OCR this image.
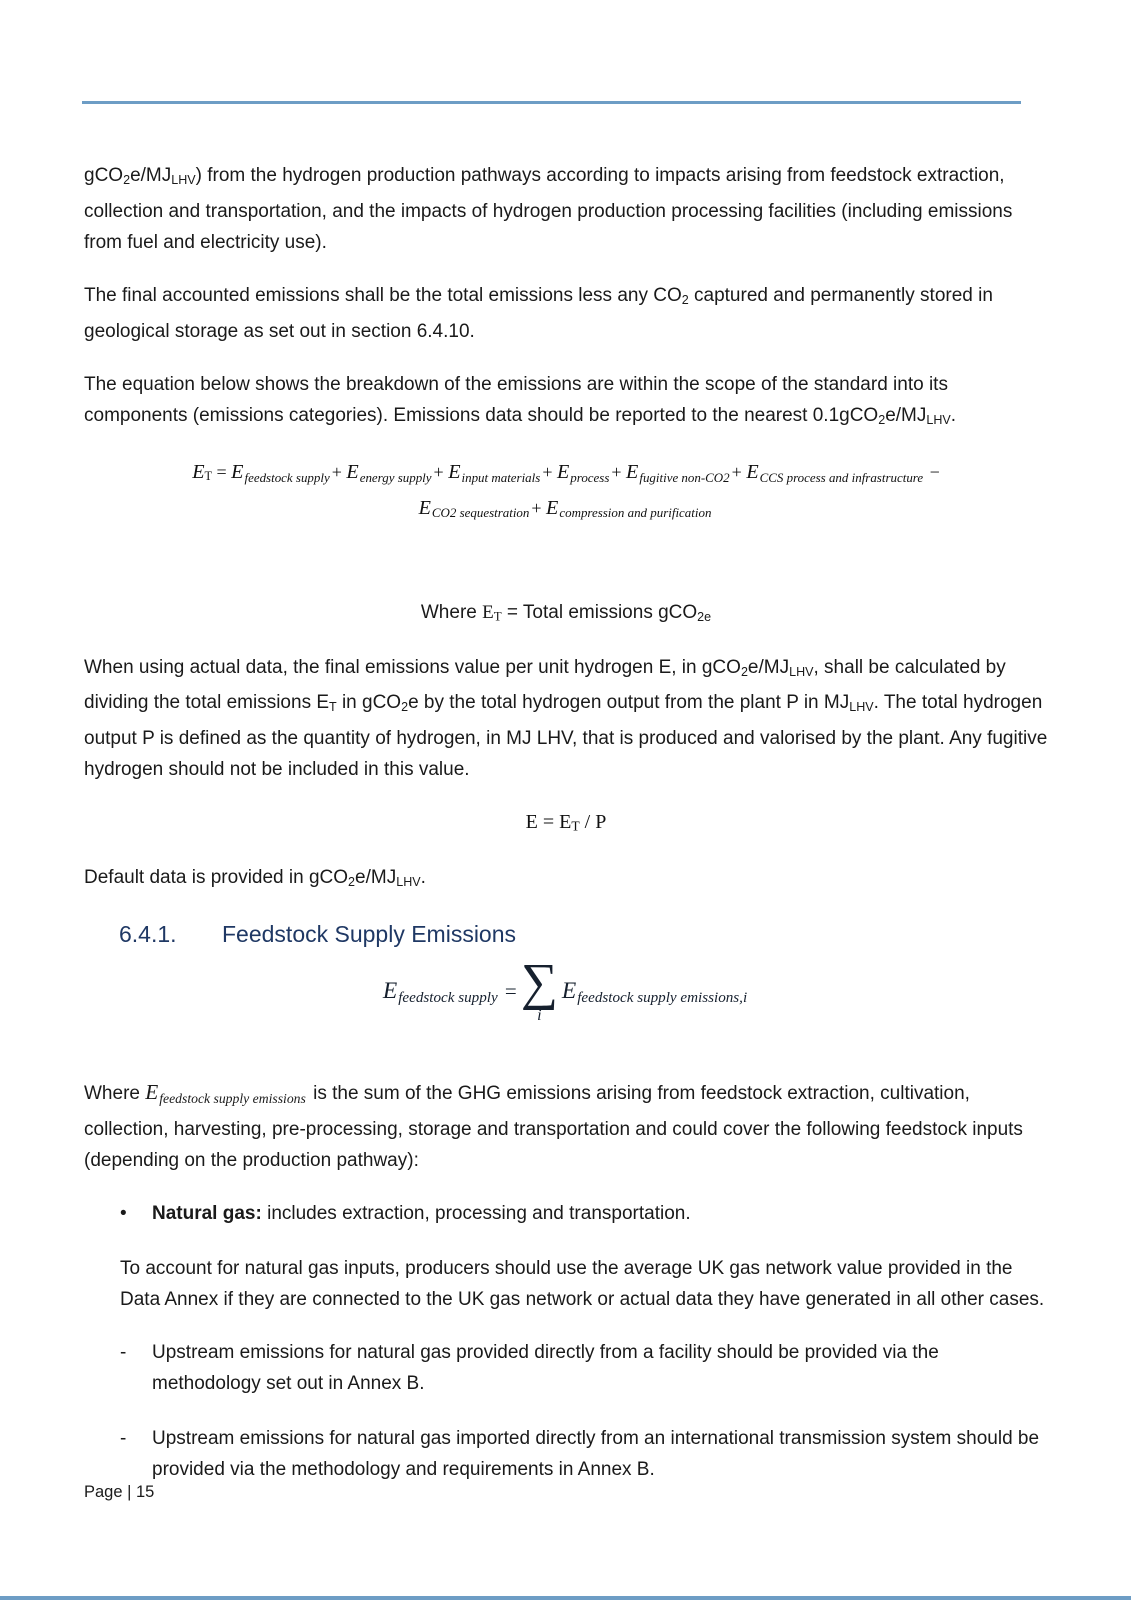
gCO2e/MJLHV) from the hydrogen production pathways according to impacts arising from feedstock extraction, collection and transportation, and the impacts of hydrogen production processing facilities (including emissions from fuel and electricity use).

The final accounted emissions shall be the total emissions less any CO2 captured and permanently stored in geological storage as set out in section 6.4.10.

The equation below shows the breakdown of the emissions are within the scope of the standard into its components (emissions categories). Emissions data should be reported to the nearest 0.1gCO2e/MJLHV.

ET = Efeedstock supply + Eenergy supply + Einput materials + Eprocess + Efugitive non-CO2 + ECCS process and infrastructure −
ECO2 sequestration + Ecompression and purification

Where ET = Total emissions gCO2e

When using actual data, the final emissions value per unit hydrogen E, in gCO2e/MJLHV, shall be calculated by dividing the total emissions ET in gCO2e by the total hydrogen output from the plant P in MJLHV. The total hydrogen output P is defined as the quantity of hydrogen, in MJ LHV, that is produced and valorised by the plant. Any fugitive hydrogen should not be included in this value.

E = ET / P

Default data is provided in gCO2e/MJLHV.

6.4.1.	Feedstock Supply Emissions
Efeedstock supply = ∑
i
Efeedstock supply emissions,i

Where Efeedstock supply emissions is the sum of the GHG emissions arising from feedstock extraction, cultivation, collection, harvesting, pre-processing, storage and transportation and could cover the following feedstock inputs (depending on the production pathway):

•	Natural gas: includes extraction, processing and transportation.

To account for natural gas inputs, producers should use the average UK gas network value provided in the Data Annex if they are connected to the UK gas network or actual data they have generated in all other cases.

-	Upstream emissions for natural gas provided directly from a facility should be provided via the methodology set out in Annex B.

-	Upstream emissions for natural gas imported directly from an international transmission system should be provided via the methodology and requirements in Annex B.

Page | 15
